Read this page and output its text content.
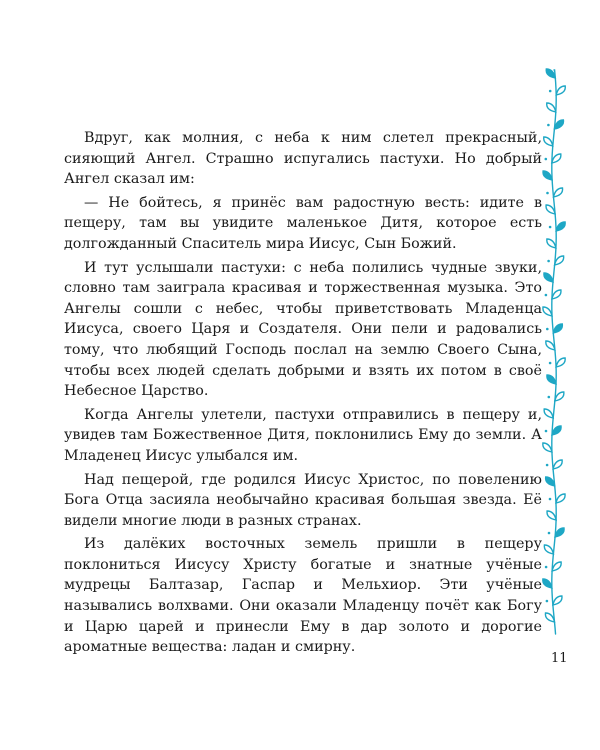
Вдруг, как молния, с неба к ним слетел прекрасный, сияющий Ангел. Страшно испугались пастухи. Но добрый Ангел сказал им:

— Не бойтесь, я принёс вам радостную весть: идите в пещеру, там вы увидите маленькое Дитя, которое есть долгожданный Спаситель мира Иисус, Сын Божий.

И тут услышали пастухи: с неба полились чудные звуки, словно там заиграла красивая и торжественная музыка. Это Ангелы сошли с небес, чтобы приветствовать Младенца Иисуса, своего Царя и Создателя. Они пели и радовались тому, что любящий Господь послал на землю Своего Сына, чтобы всех людей сделать добрыми и взять их потом в своё Небесное Царство.

Когда Ангелы улетели, пастухи отправились в пещеру и, увидев там Божественное Дитя, поклонились Ему до земли. А Младенец Иисус улыбался им.

Над пещерой, где родился Иисус Христос, по повелению Бога Отца засияла необычайно красивая большая звезда. Её видели многие люди в разных странах.

Из далёких восточных земель пришли в пещеру поклониться Иисусу Христу богатые и знатные учёные мудрецы Балтазар, Гаспар и Мельхиор. Эти учёные назывались волхвами. Они оказали Младенцу почёт как Богу и Царю царей и принесли Ему в дар золото и дорогие ароматные вещества: ладан и смирну.

11
